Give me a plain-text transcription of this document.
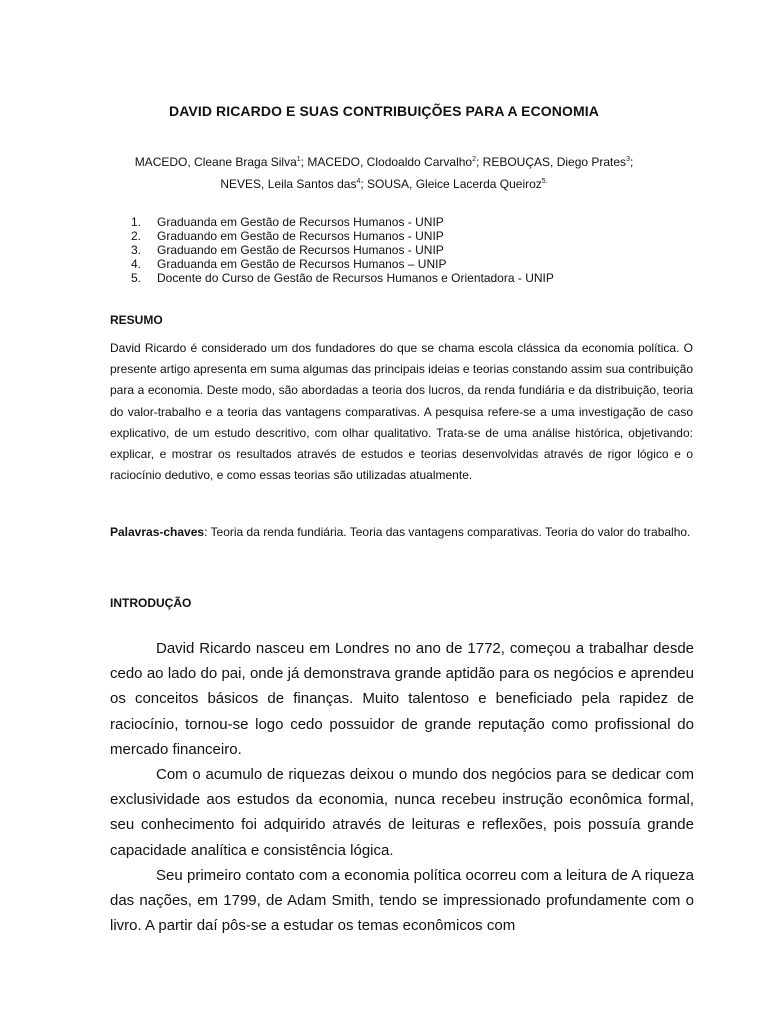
DAVID RICARDO E SUAS CONTRIBUIÇÕES PARA A ECONOMIA
MACEDO, Cleane Braga Silva$^1$; MACEDO, Clodoaldo Carvalho$^2$; REBOUÇAS, Diego Prates$^3$;
NEVES, Leila Santos das$^4$; SOUSA, Gleice Lacerda Queiroz$^{5.}$
1.	Graduanda em Gestão de Recursos Humanos - UNIP
2.	Graduando em Gestão de Recursos Humanos - UNIP
3.	Graduando em Gestão de Recursos Humanos - UNIP
4.	Graduanda em Gestão de Recursos Humanos – UNIP
5.	Docente do Curso de Gestão de Recursos Humanos e Orientadora - UNIP
RESUMO

David Ricardo é considerado um dos fundadores do que se chama escola clássica da economia política. O presente artigo apresenta em suma algumas das principais ideias e teorias constando assim sua contribuição para a economia. Deste modo, são abordadas a teoria dos lucros, da renda fundiária e da distribuição, teoria do valor-trabalho e a teoria das vantagens comparativas. A pesquisa refere-se a uma investigação de caso explicativo, de um estudo descritivo, com olhar qualitativo. Trata-se de uma análise histórica, objetivando: explicar, e mostrar os resultados através de estudos e teorias desenvolvidas através de rigor lógico e o raciocínio dedutivo, e como essas teorias são utilizadas atualmente.

Palavras-chaves: Teoria da renda fundiária. Teoria das vantagens comparativas. Teoria do valor do trabalho.

INTRODUÇÃO

David Ricardo nasceu em Londres no ano de 1772, começou a trabalhar desde cedo ao lado do pai, onde já demonstrava grande aptidão para os negócios e aprendeu os conceitos básicos de finanças. Muito talentoso e beneficiado pela rapidez de raciocínio, tornou-se logo cedo possuidor de grande reputação como profissional do mercado financeiro.

Com o acumulo de riquezas deixou o mundo dos negócios para se dedicar com exclusividade aos estudos da economia, nunca recebeu instrução econômica formal, seu conhecimento foi adquirido através de leituras e reflexões, pois possuía grande capacidade analítica e consistência lógica.

Seu primeiro contato com a economia política ocorreu com a leitura de A riqueza das nações, em 1799, de Adam Smith, tendo se impressionado profundamente com o livro. A partir daí pôs-se a estudar os temas econômicos com
